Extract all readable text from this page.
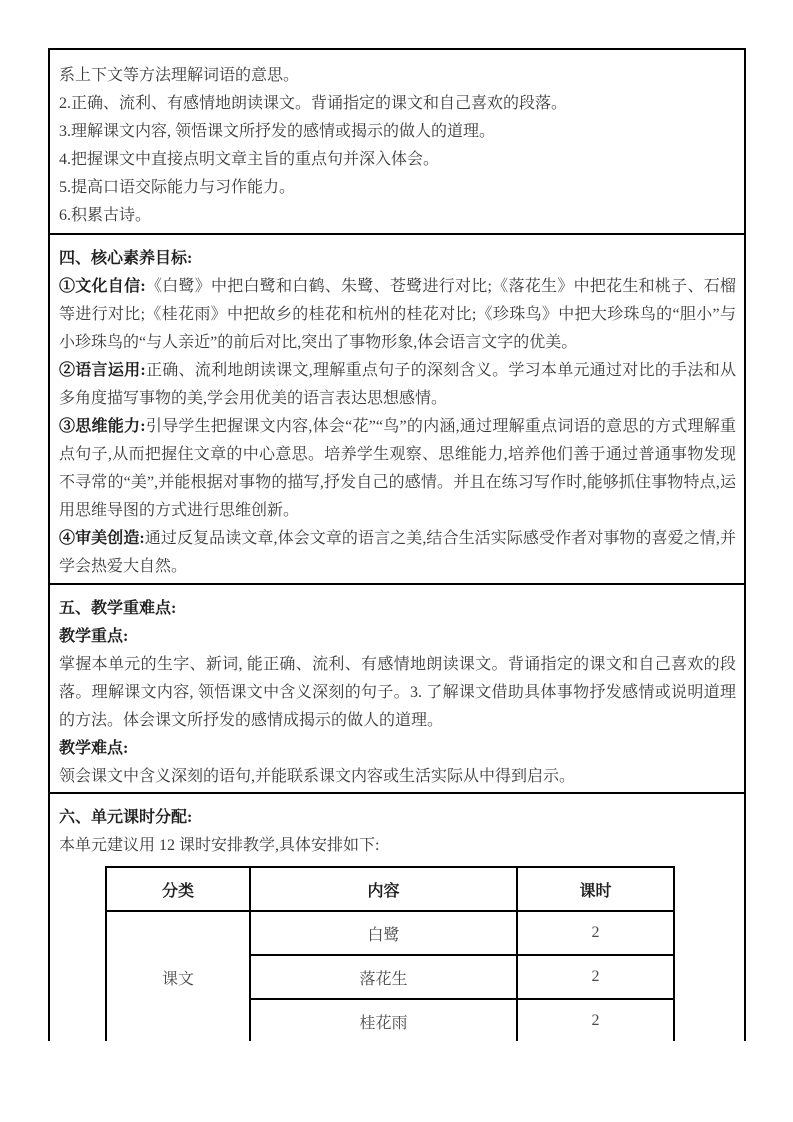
系上下文等方法理解词语的意思。

2.正确、流利、有感情地朗读课文。背诵指定的课文和自己喜欢的段落。

3.理解课文内容, 领悟课文所抒发的感情或揭示的做人的道理。

4.把握课文中直接点明文章主旨的重点句并深入体会。

5.提高口语交际能力与习作能力。

6.积累古诗。

四、核心素养目标:

①文化自信:《白鹭》中把白鹭和白鹤、朱鹭、苍鹭进行对比;《落花生》中把花生和桃子、石榴等进行对比;《桂花雨》中把故乡的桂花和杭州的桂花对比;《珍珠鸟》中把大珍珠鸟的“胆小”与小珍珠鸟的“与人亲近”的前后对比,突出了事物形象,体会语言文字的优美。

②语言运用:正确、流利地朗读课文,理解重点句子的深刻含义。学习本单元通过对比的手法和从多角度描写事物的美,学会用优美的语言表达思想感情。

③思维能力:引导学生把握课文内容,体会“花”“鸟”的内涵,通过理解重点词语的意思的方式理解重点句子,从而把握住文章的中心意思。培养学生观察、思维能力,培养他们善于通过普通事物发现不寻常的“美”,并能根据对事物的描写,抒发自己的感情。并且在练习写作时,能够抓住事物特点,运用思维导图的方式进行思维创新。

④审美创造:通过反复品读文章,体会文章的语言之美,结合生活实际感受作者对事物的喜爱之情,并学会热爱大自然。

五、教学重难点:

教学重点:

掌握本单元的生字、新词, 能正确、流利、有感情地朗读课文。背诵指定的课文和自己喜欢的段落。理解课文内容, 领悟课文中含义深刻的句子。3. 了解课文借助具体事物抒发感情或说明道理的方法。体会课文所抒发的感情成揭示的做人的道理。

教学难点:

领会课文中含义深刻的语句,并能联系课文内容或生活实际从中得到启示。

六、单元课时分配:

本单元建议用 12 课时安排教学,具体安排如下:

分类	内容	课时
课文	白鹭	2
	落花生	2
	桂花雨	2
